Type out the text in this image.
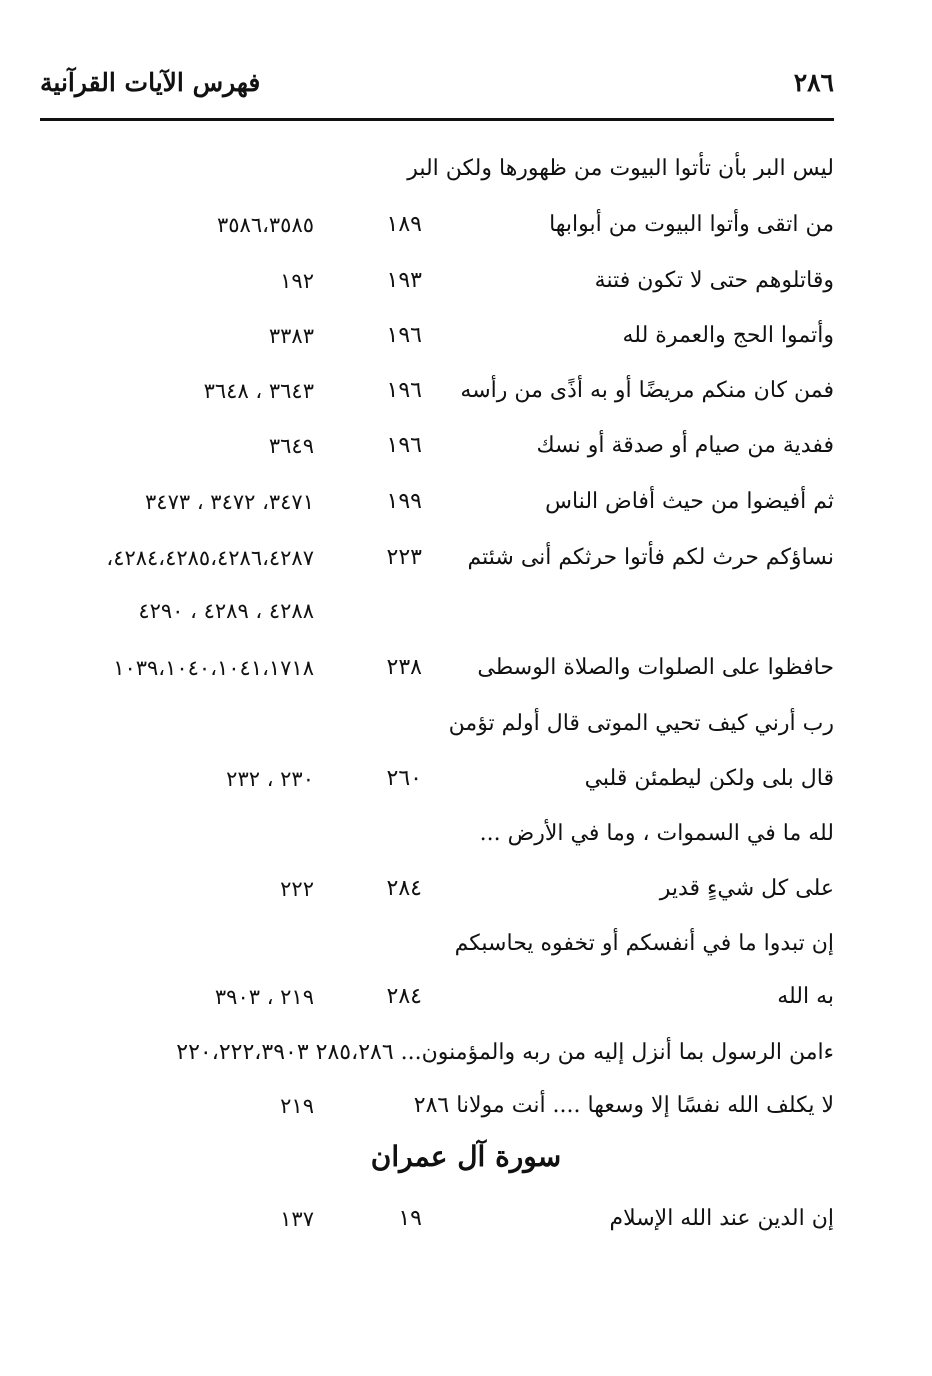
فهرس الآيات القرآنية	٢٨٦
ليس البر بأن تأتوا البيوت من ظهورها ولكن البر
من اتقى وأتوا البيوت من أبوابها
١٨٩
٣٥٨٦،٣٥٨٥
وقاتلوهم حتى لا تكون فتنة
١٩٣
١٩٢
وأتموا الحج والعمرة لله
١٩٦
٣٣٨٣
فمن كان منكم مريضًا أو به أذًى من رأسه
١٩٦
٣٦٤٣ ، ٣٦٤٨
ففدية من صيام أو صدقة أو نسك
١٩٦
٣٦٤٩
ثم أفيضوا من حيث أفاض الناس
١٩٩
٣٤٧١، ٣٤٧٢ ، ٣٤٧٣
نساؤكم حرث لكم فأتوا حرثكم أنى شئتم
٢٢٣
٤٢٨٤،٤٢٨٥،٤٢٨٦،٤٢٨٧،
٤٢٨٨ ، ٤٢٨٩ ، ٤٢٩٠
حافظوا على الصلوات والصلاة الوسطى
٢٣٨
١٠٣٩،١٠٤٠،١٠٤١،١٧١٨
رب أرني كيف تحيي الموتى قال أولم تؤمن
قال بلى ولكن ليطمئن قلبي
٢٦٠
٢٣٠ ، ٢٣٢
لله ما في السموات ، وما في الأرض ...
على كل شيءٍ قدير
٢٨٤
٢٢٢
إن تبدوا ما في أنفسكم أو تخفوه يحاسبكم
به الله
٢٨٤
٢١٩ ، ٣٩٠٣
ءامن الرسول بما أنزل إليه من ربه والمؤمنون... ٢٨٥،٢٨٦ ٢٢٠،٢٢٢،٣٩٠٣
لا يكلف الله نفسًا إلا وسعها .... أنت مولانا ٢٨٦
٢١٩
سورة آل عمران
إن الدين عند الله الإسلام
١٩
١٣٧
